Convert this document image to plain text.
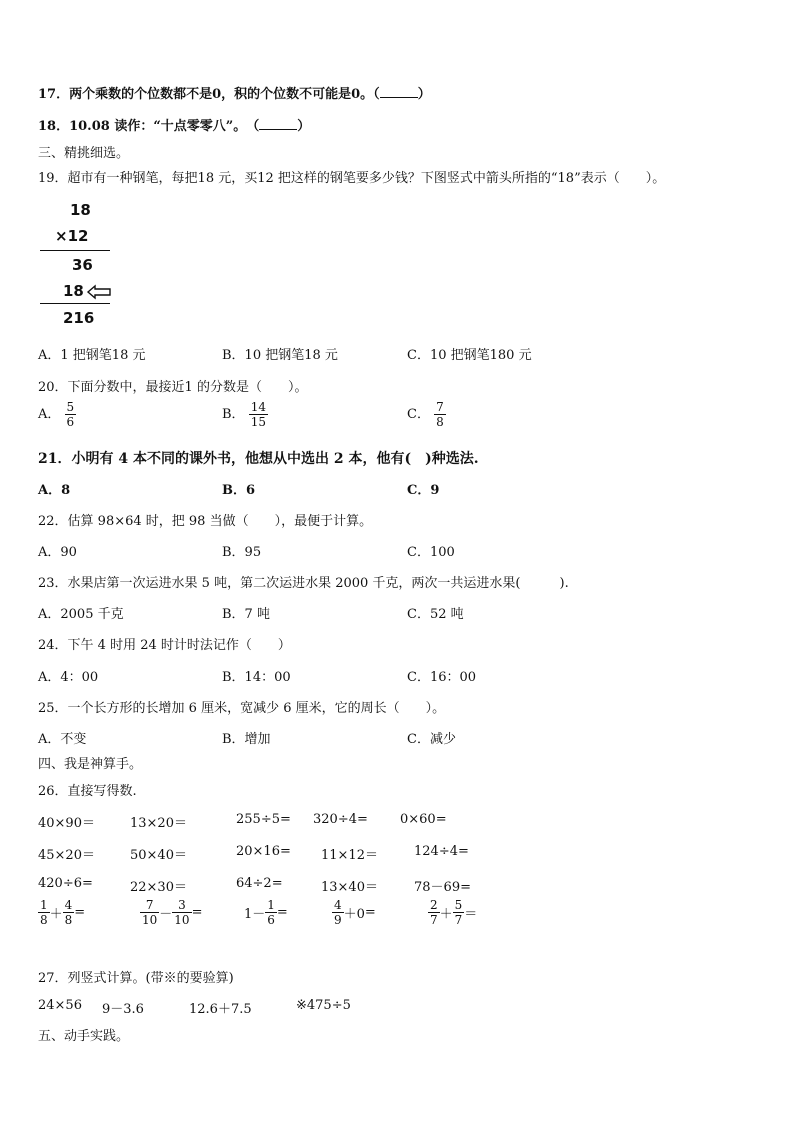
17．两个乘数的个位数都不是0，积的个位数不可能是0。（	）
18．10.08 读作：“十点零零八”。　（	）
三、精挑细选。
19．超市有一种钢笔，每把18 元，买12 把这样的钢笔要多少钱？下图竖式中箭头所指的“18”表示（　　）。
18
×12
36
18
216
A．1 把钢笔18 元	B．10 把钢笔18 元	C．10 把钢笔180 元
20．下面分数中，最接近1 的分数是（　　）。
A． $\frac{5}{6}$	B． $\frac{14}{15}$	C． $\frac{7}{8}$
21．小明有 4 本不同的课外书，他想从中选出 2 本，他有(　)种选法.
A．8	B．6	C．9
22．估算 98×64 时，把 98 当做（　　），最便于计算。
A．90	B．95	C．100
23．水果店第一次运进水果 5 吨，第二次运进水果 2000 千克，两次一共运进水果(　　　).
A．2005 千克	B．7 吨	C．52 吨
24．下午 4 时用 24 时计时法记作（　　）
A．4：00	B．14：00	C．16：00
25．一个长方形的长增加 6 厘米，宽减少 6 厘米，它的周长（　　）。
A．不变	B．增加	C．减少
四、我是神算手。
26．直接写得数.
40×90＝	13×20＝	255÷5= 320÷4= 0×60=
45×20＝	50×40＝	20×16= 11×12＝	124÷4=
420÷6=	22×30＝	64÷2=	13×40＝	78－69=
$\frac{1}{8} + \frac{4}{8}$ =	$\frac{7}{10} - \frac{3}{10}$ =	$1- \frac{1}{6}$ =	$\frac{4}{9} +0$ =	$\frac{2}{7} + \frac{5}{7}$ ＝
27．列竖式计算。(带※的要验算)
24×56 9－3.6	12.6＋7.5	※475÷5
五、动手实践。
